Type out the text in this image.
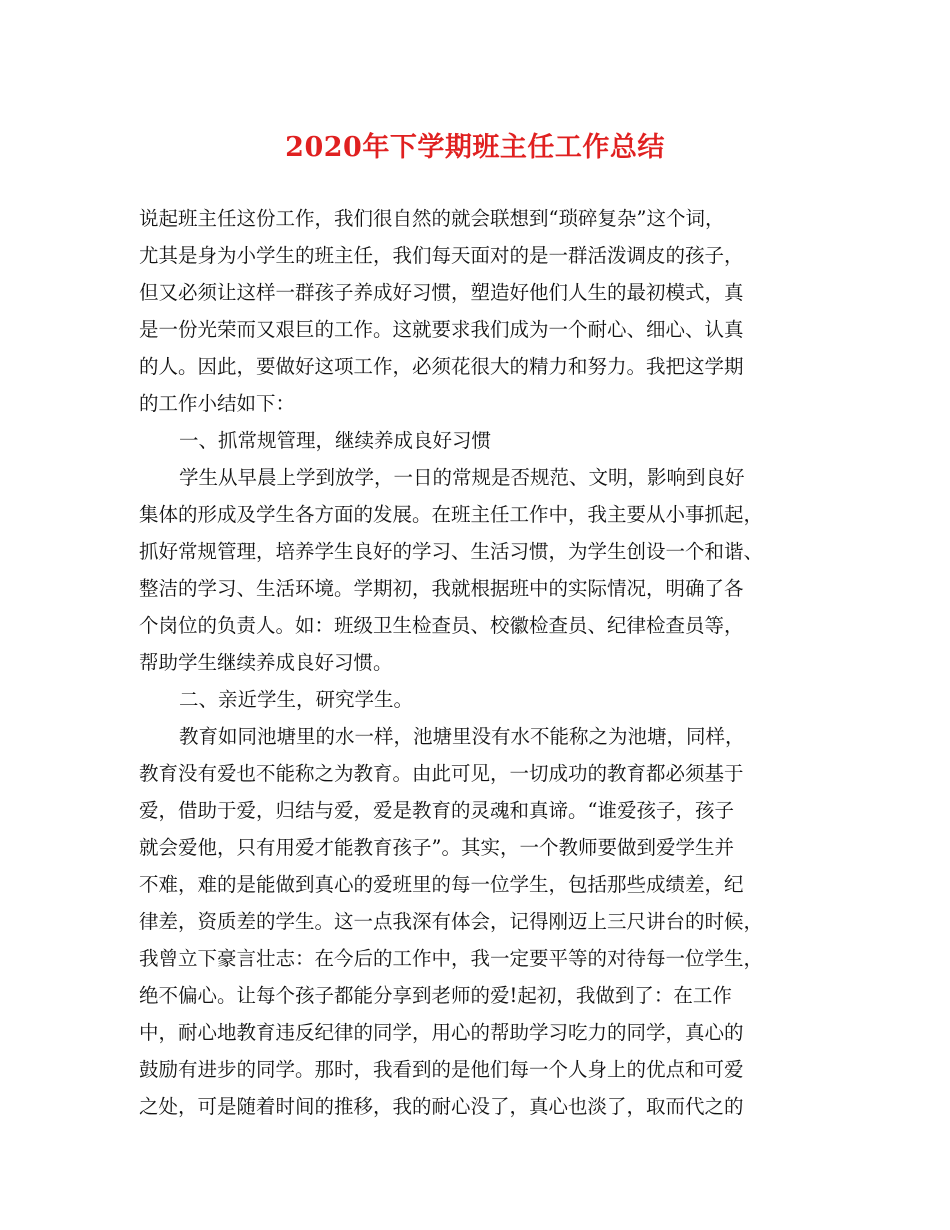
2020年下学期班主任工作总结
说起班主任这份工作，我们很自然的就会联想到“琐碎复杂”这个词，
尤其是身为小学生的班主任，我们每天面对的是一群活泼调皮的孩子，
但又必须让这样一群孩子养成好习惯，塑造好他们人生的最初模式，真
是一份光荣而又艰巨的工作。这就要求我们成为一个耐心、细心、认真
的人。因此，要做好这项工作，必须花很大的精力和努力。我把这学期
的工作小结如下：
一、抓常规管理，继续养成良好习惯
学生从早晨上学到放学，一日的常规是否规范、文明，影响到良好
集体的形成及学生各方面的发展。在班主任工作中，我主要从小事抓起，
抓好常规管理，培养学生良好的学习、生活习惯，为学生创设一个和谐、
整洁的学习、生活环境。学期初，我就根据班中的实际情况，明确了各
个岗位的负责人。如：班级卫生检查员、校徽检查员、纪律检查员等，
帮助学生继续养成良好习惯。
二、亲近学生，研究学生。
教育如同池塘里的水一样，池塘里没有水不能称之为池塘，同样，
教育没有爱也不能称之为教育。由此可见，一切成功的教育都必须基于
爱，借助于爱，归结与爱，爱是教育的灵魂和真谛。“谁爱孩子，孩子
就会爱他，只有用爱才能教育孩子”。其实，一个教师要做到爱学生并
不难，难的是能做到真心的爱班里的每一位学生，包括那些成绩差，纪
律差，资质差的学生。这一点我深有体会，记得刚迈上三尺讲台的时候，
我曾立下豪言壮志：在今后的工作中，我一定要平等的对待每一位学生，
绝不偏心。让每个孩子都能分享到老师的爱!起初，我做到了：在工作
中，耐心地教育违反纪律的同学，用心的帮助学习吃力的同学，真心的
鼓励有进步的同学。那时，我看到的是他们每一个人身上的优点和可爱
之处，可是随着时间的推移，我的耐心没了，真心也淡了，取而代之的
